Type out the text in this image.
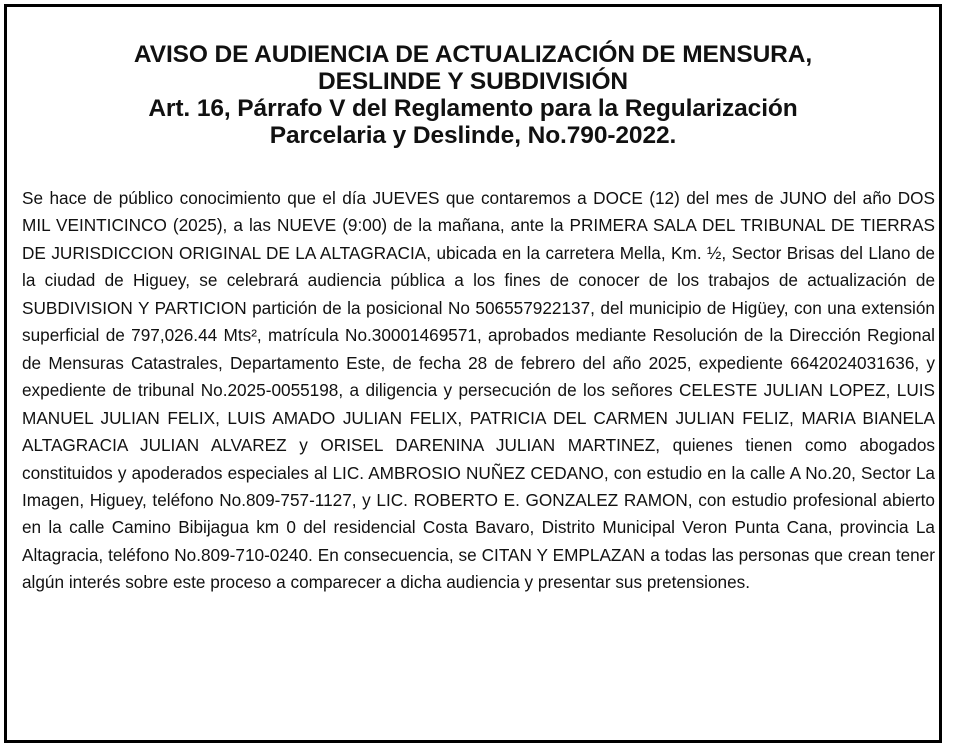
AVISO DE AUDIENCIA DE ACTUALIZACIÓN DE MENSURA,
DESLINDE Y SUBDIVISIÓN
Art. 16, Párrafo V del Reglamento para la Regularización
Parcelaria y Deslinde, No.790-2022.

Se hace de público conocimiento que el día JUEVES que contaremos a DOCE (12) del mes de JUNO del año DOS MIL VEINTICINCO (2025), a las NUEVE (9:00) de la mañana, ante la PRIMERA SALA DEL TRIBUNAL DE TIERRAS DE JURISDICCION ORIGINAL DE LA ALTAGRACIA, ubicada en la carretera Mella, Km. ½, Sector Brisas del Llano de la ciudad de Higuey, se celebrará audiencia pública a los fines de conocer de los trabajos de actualización de SUBDIVISION Y PARTICION partición de la posicional No 506557922137, del municipio de Higüey, con una extensión superficial de 797,026.44 Mts², matrícula No.30001469571, aprobados mediante Resolución de la Dirección Regional de Mensuras Catastrales, Departamento Este, de fecha 28 de febrero del año 2025, expediente 6642024031636, y expediente de tribunal No.2025-0055198, a diligencia y persecución de los señores CELESTE JULIAN LOPEZ, LUIS MANUEL JULIAN FELIX, LUIS AMADO JULIAN FELIX, PATRICIA DEL CARMEN JULIAN FELIZ, MARIA BIANELA ALTAGRACIA JULIAN ALVAREZ y ORISEL DARENINA JULIAN MARTINEZ, quienes tienen como abogados constituidos y apoderados especiales al LIC. AMBROSIO NUÑEZ CEDANO, con estudio en la calle A No.20, Sector La Imagen, Higuey, teléfono No.809-757-1127, y LIC. ROBERTO E. GONZALEZ RAMON, con estudio profesional abierto en la calle Camino Bibijagua km 0 del residencial Costa Bavaro, Distrito Municipal Veron Punta Cana, provincia La Altagracia, teléfono No.809-710-0240. En consecuencia, se CITAN Y EMPLAZAN a todas las personas que crean tener algún interés sobre este proceso a comparecer a dicha audiencia y presentar sus pretensiones.
